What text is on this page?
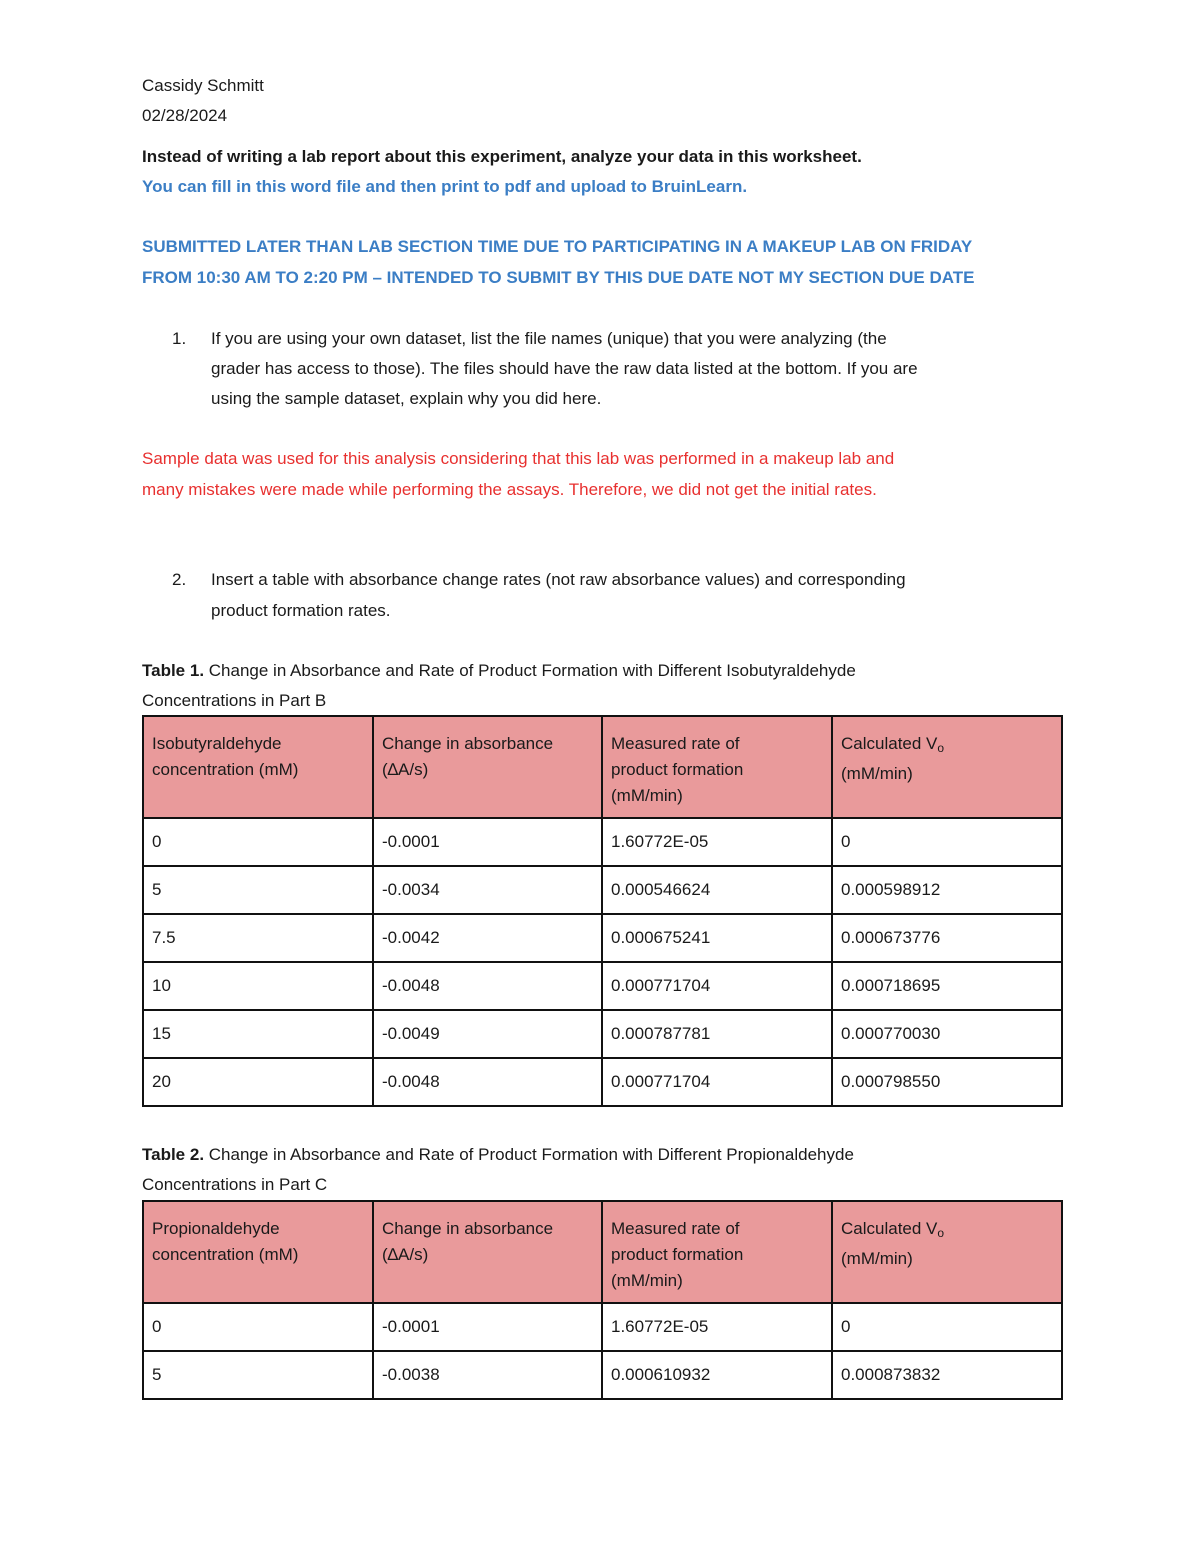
Cassidy Schmitt
02/28/2024
Instead of writing a lab report about this experiment, analyze your data in this worksheet.
You can fill in this word file and then print to pdf and upload to BruinLearn.
SUBMITTED LATER THAN LAB SECTION TIME DUE TO PARTICIPATING IN A MAKEUP LAB ON FRIDAY
FROM 10:30 AM TO 2:20 PM – INTENDED TO SUBMIT BY THIS DUE DATE NOT MY SECTION DUE DATE
1. If you are using your own dataset, list the file names (unique) that you were analyzing (the
grader has access to those). The files should have the raw data listed at the bottom. If you are
using the sample dataset, explain why you did here.
Sample data was used for this analysis considering that this lab was performed in a makeup lab and
many mistakes were made while performing the assays. Therefore, we did not get the initial rates.
2. Insert a table with absorbance change rates (not raw absorbance values) and corresponding
product formation rates.
Table 1. Change in Absorbance and Rate of Product Formation with Different Isobutyraldehyde
Concentrations in Part B
Isobutyraldehyde
concentration (mM)	Change in absorbance
(∆A/s)	Measured rate of
product formation
(mM/min)	Calculated $V_o$
(mM/min)
0	-0.0001	1.60772E-05	0
5	-0.0034	0.000546624	0.000598912
7.5	-0.0042	0.000675241	0.000673776
10	-0.0048	0.000771704	0.000718695
15	-0.0049	0.000787781	0.000770030
20	-0.0048	0.000771704	0.000798550
Table 2. Change in Absorbance and Rate of Product Formation with Different Propionaldehyde
Concentrations in Part C
Propionaldehyde
concentration (mM)	Change in absorbance
(∆A/s)	Measured rate of
product formation
(mM/min)	Calculated $V_o$
(mM/min)
0	-0.0001	1.60772E-05	0
5	-0.0038	0.000610932	0.000873832
